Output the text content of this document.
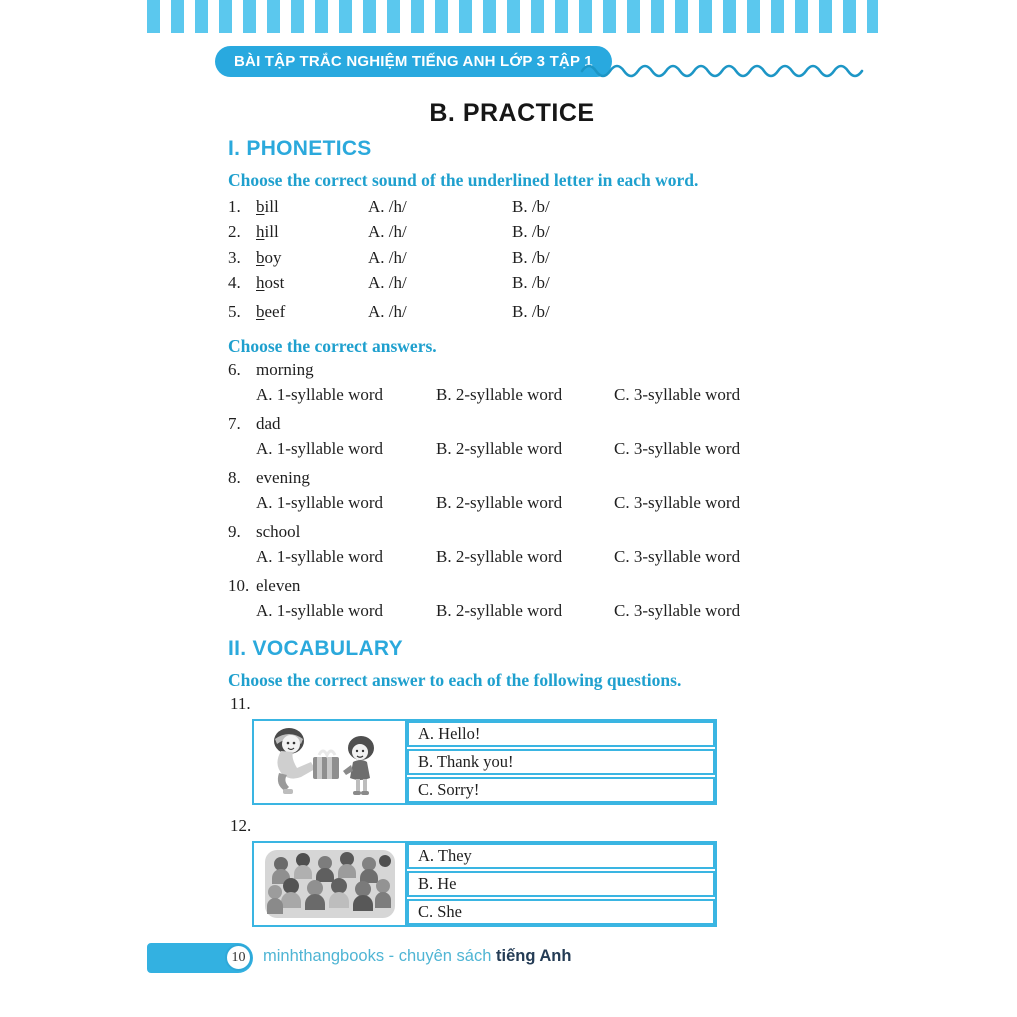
BÀI TẬP TRẮC NGHIỆM TIẾNG ANH LỚP 3 TẬP 1
B. PRACTICE
I. PHONETICS

Choose the correct sound of the underlined letter in each word.

1. bill	A. /h/	B. /b/
2. hill	A. /h/	B. /b/
3. boy	A. /h/	B. /b/
4. host	A. /h/	B. /b/
5. beef	A. /h/	B. /b/

Choose the correct answers.

6. morning
A. 1-syllable word	B. 2-syllable word	C. 3-syllable word
7. dad
A. 1-syllable word	B. 2-syllable word	C. 3-syllable word
8. evening
A. 1-syllable word	B. 2-syllable word	C. 3-syllable word
9. school
A. 1-syllable word	B. 2-syllable word	C. 3-syllable word
10. eleven
A. 1-syllable word	B. 2-syllable word	C. 3-syllable word
II. VOCABULARY

Choose the correct answer to each of the following questions.

11.

A. Hello!
B. Thank you!
C. Sorry!

12.

A. They
B. He
C. She
10	minhthangbooks - chuyên sách tiếng Anh
